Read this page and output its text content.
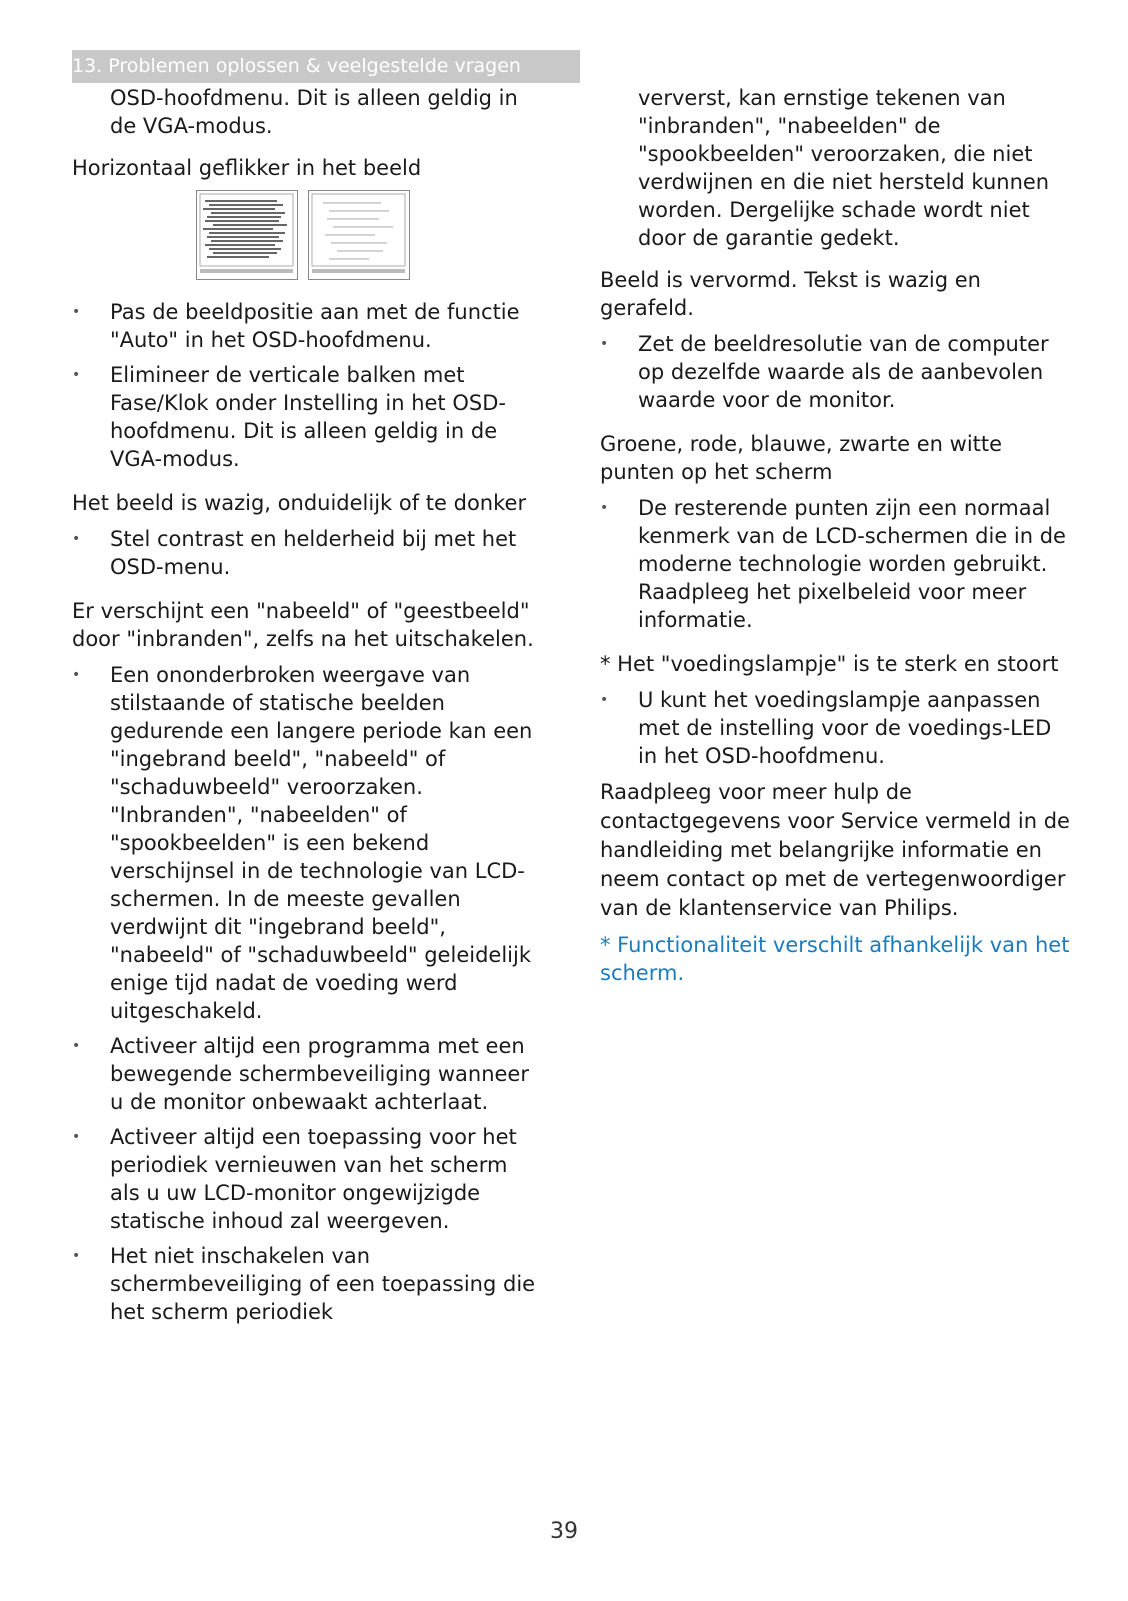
13. Problemen oplossen & veelgestelde vragen

OSD-hoofdmenu. Dit is alleen geldig in de VGA-modus.

Horizontaal geflikker in het beeld

• Pas de beeldpositie aan met de functie "Auto" in het OSD-hoofdmenu.
• Elimineer de verticale balken met Fase/Klok onder Instelling in het OSD-hoofdmenu. Dit is alleen geldig in de VGA-modus.

Het beeld is wazig, onduidelijk of te donker

• Stel contrast en helderheid bij met het OSD-menu.

Er verschijnt een "nabeeld" of "geestbeeld" door "inbranden", zelfs na het uitschakelen.

• Een ononderbroken weergave van stilstaande of statische beelden gedurende een langere periode kan een "ingebrand beeld", "nabeeld" of "schaduwbeeld" veroorzaken. "Inbranden", "nabeelden" of "spookbeelden" is een bekend verschijnsel in de technologie van LCD-schermen. In de meeste gevallen verdwijnt dit "ingebrand beeld", "nabeeld" of "schaduwbeeld" geleidelijk enige tijd nadat de voeding werd uitgeschakeld.
• Activeer altijd een programma met een bewegende schermbeveiliging wanneer u de monitor onbewaakt achterlaat.
• Activeer altijd een toepassing voor het periodiek vernieuwen van het scherm als u uw LCD-monitor ongewijzigde statische inhoud zal weergeven.
• Het niet inschakelen van schermbeveiliging of een toepassing die het scherm periodiek

ververst, kan ernstige tekenen van "inbranden", "nabeelden" de "spookbeelden" veroorzaken, die niet verdwijnen en die niet hersteld kunnen worden. Dergelijke schade wordt niet door de garantie gedekt.

Beeld is vervormd. Tekst is wazig en gerafeld.

• Zet de beeldresolutie van de computer op dezelfde waarde als de aanbevolen waarde voor de monitor.

Groene, rode, blauwe, zwarte en witte punten op het scherm

• De resterende punten zijn een normaal kenmerk van de LCD-schermen die in de moderne technologie worden gebruikt. Raadpleeg het pixelbeleid voor meer informatie.

* Het "voedingslampje" is te sterk en stoort

• U kunt het voedingslampje aanpassen met de instelling voor de voedings-LED in het OSD-hoofdmenu.

Raadpleeg voor meer hulp de contactgegevens voor Service vermeld in de handleiding met belangrijke informatie en neem contact op met de vertegenwoordiger van de klantenservice van Philips.

* Functionaliteit verschilt afhankelijk van het scherm.

39
